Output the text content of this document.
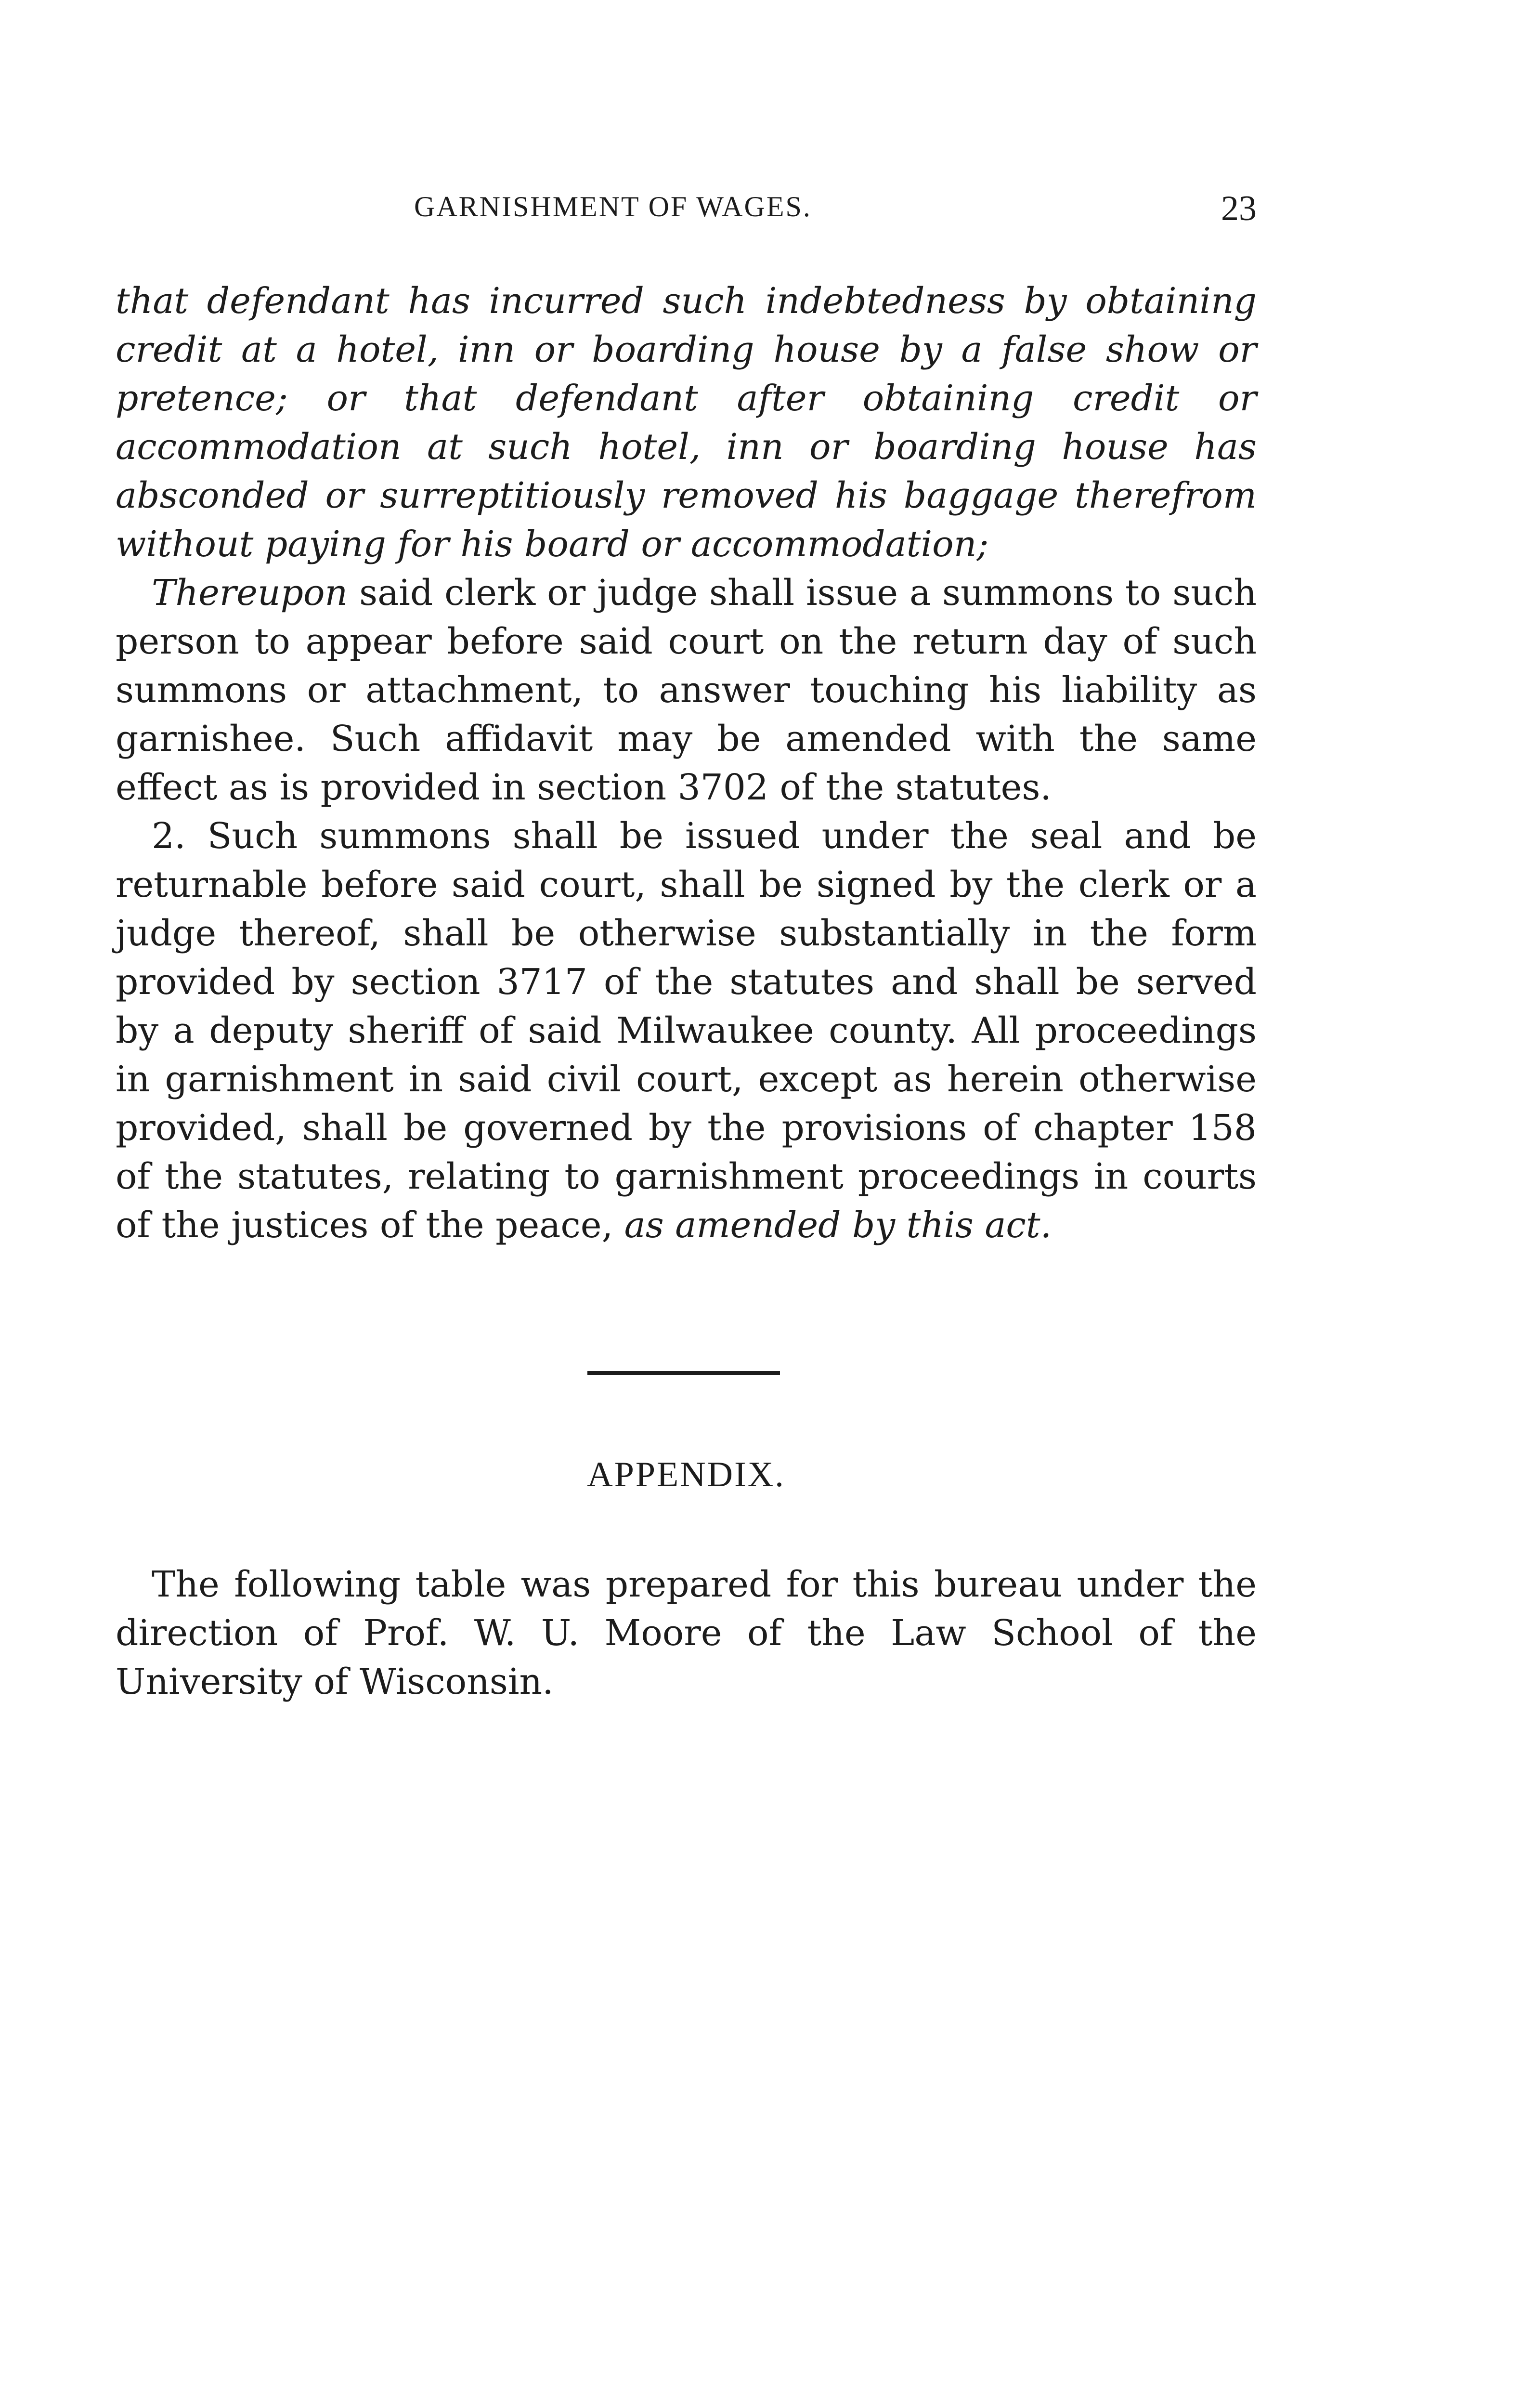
GARNISHMENT OF WAGES.	23

that defendant has incurred such indebtedness by obtaining credit at a hotel, inn or boarding house by a false show or pretence; or that defendant after obtaining credit or accommodation at such hotel, inn or boarding house has absconded or surreptitiously removed his baggage therefrom without paying for his board or accommodation;

Thereupon said clerk or judge shall issue a summons to such person to appear before said court on the return day of such summons or attachment, to answer touching his liability as garnishee. Such affidavit may be amended with the same effect as is provided in section 3702 of the statutes.

2. Such summons shall be issued under the seal and be returnable before said court, shall be signed by the clerk or a judge thereof, shall be otherwise substantially in the form provided by section 3717 of the statutes and shall be served by a deputy sheriff of said Milwaukee county. All proceedings in garnishment in said civil court, except as herein otherwise provided, shall be governed by the provisions of chapter 158 of the statutes, relating to garnishment proceedings in courts of the justices of the peace, as amended by this act.

APPENDIX.

The following table was prepared for this bureau under the direction of Prof. W. U. Moore of the Law School of the University of Wisconsin.
